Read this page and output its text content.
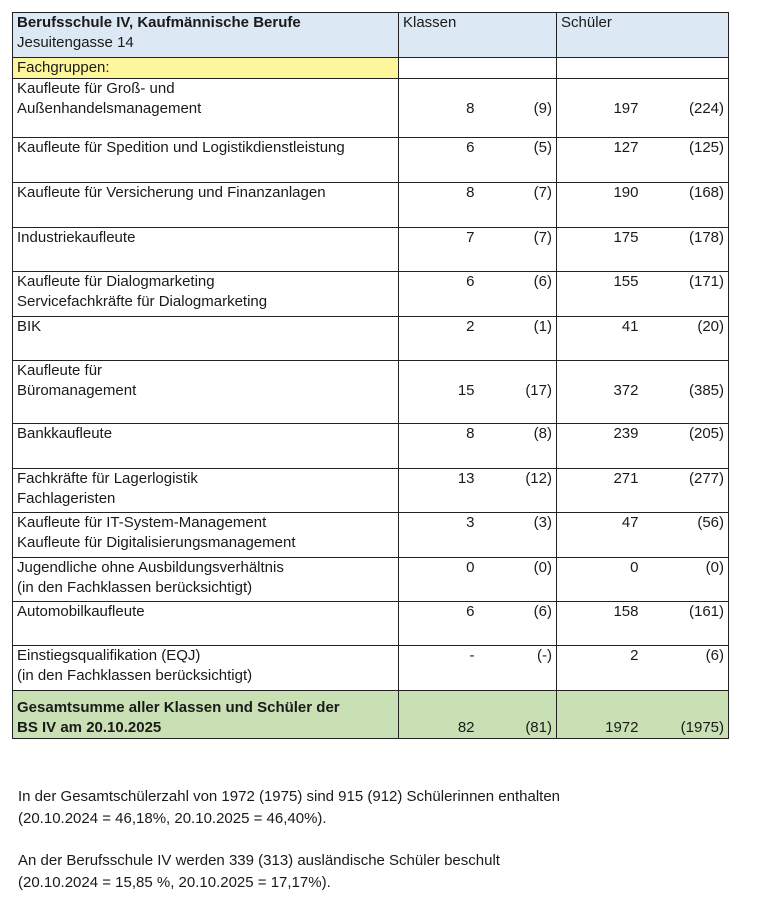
Berufsschule IV, Kaufmännische Berufe
Jesuitengasse 14	Klassen		Schüler	
Fachgruppen:				

Kaufleute für Groß- und
Außenhandelsmanagement	8	(9)	197	(224)

Kaufleute für Spedition und Logistikdienstleistung	6	(5)	127	(125)

Kaufleute für Versicherung und Finanzanlagen	8	(7)	190	(168)

Industriekaufleute	7	(7)	175	(178)

Kaufleute für Dialogmarketing
Servicefachkräfte für Dialogmarketing	6	(6)	155	(171)

BIK	2	(1)	41	(20)

Kaufleute für
Büromanagement	15	(17)	372	(385)

Bankkaufleute	8	(8)	239	(205)

Fachkräfte für Lagerlogistik
Fachlageristen	13	(12)	271	(277)

Kaufleute für IT-System-Management
Kaufleute für Digitalisierungsmanagement	3	(3)	47	(56)

Jugendliche ohne Ausbildungsverhältnis
(in den Fachklassen berücksichtigt)	0	(0)	0	(0)

Automobilkaufleute	6	(6)	158	(161)

Einstiegsqualifikation (EQJ)
(in den Fachklassen berücksichtigt)	-	(-)	2	(6)

Gesamtsumme aller Klassen und Schüler der
BS IV am 20.10.2025	82	(81)	1972	(1975)

In der Gesamtschülerzahl von 1972 (1975) sind 915 (912) Schülerinnen enthalten
(20.10.2024 = 46,18%, 20.10.2025 = 46,40%).

An der Berufsschule IV werden 339 (313) ausländische Schüler beschult
(20.10.2024 = 15,85 %, 20.10.2025 = 17,17%).
